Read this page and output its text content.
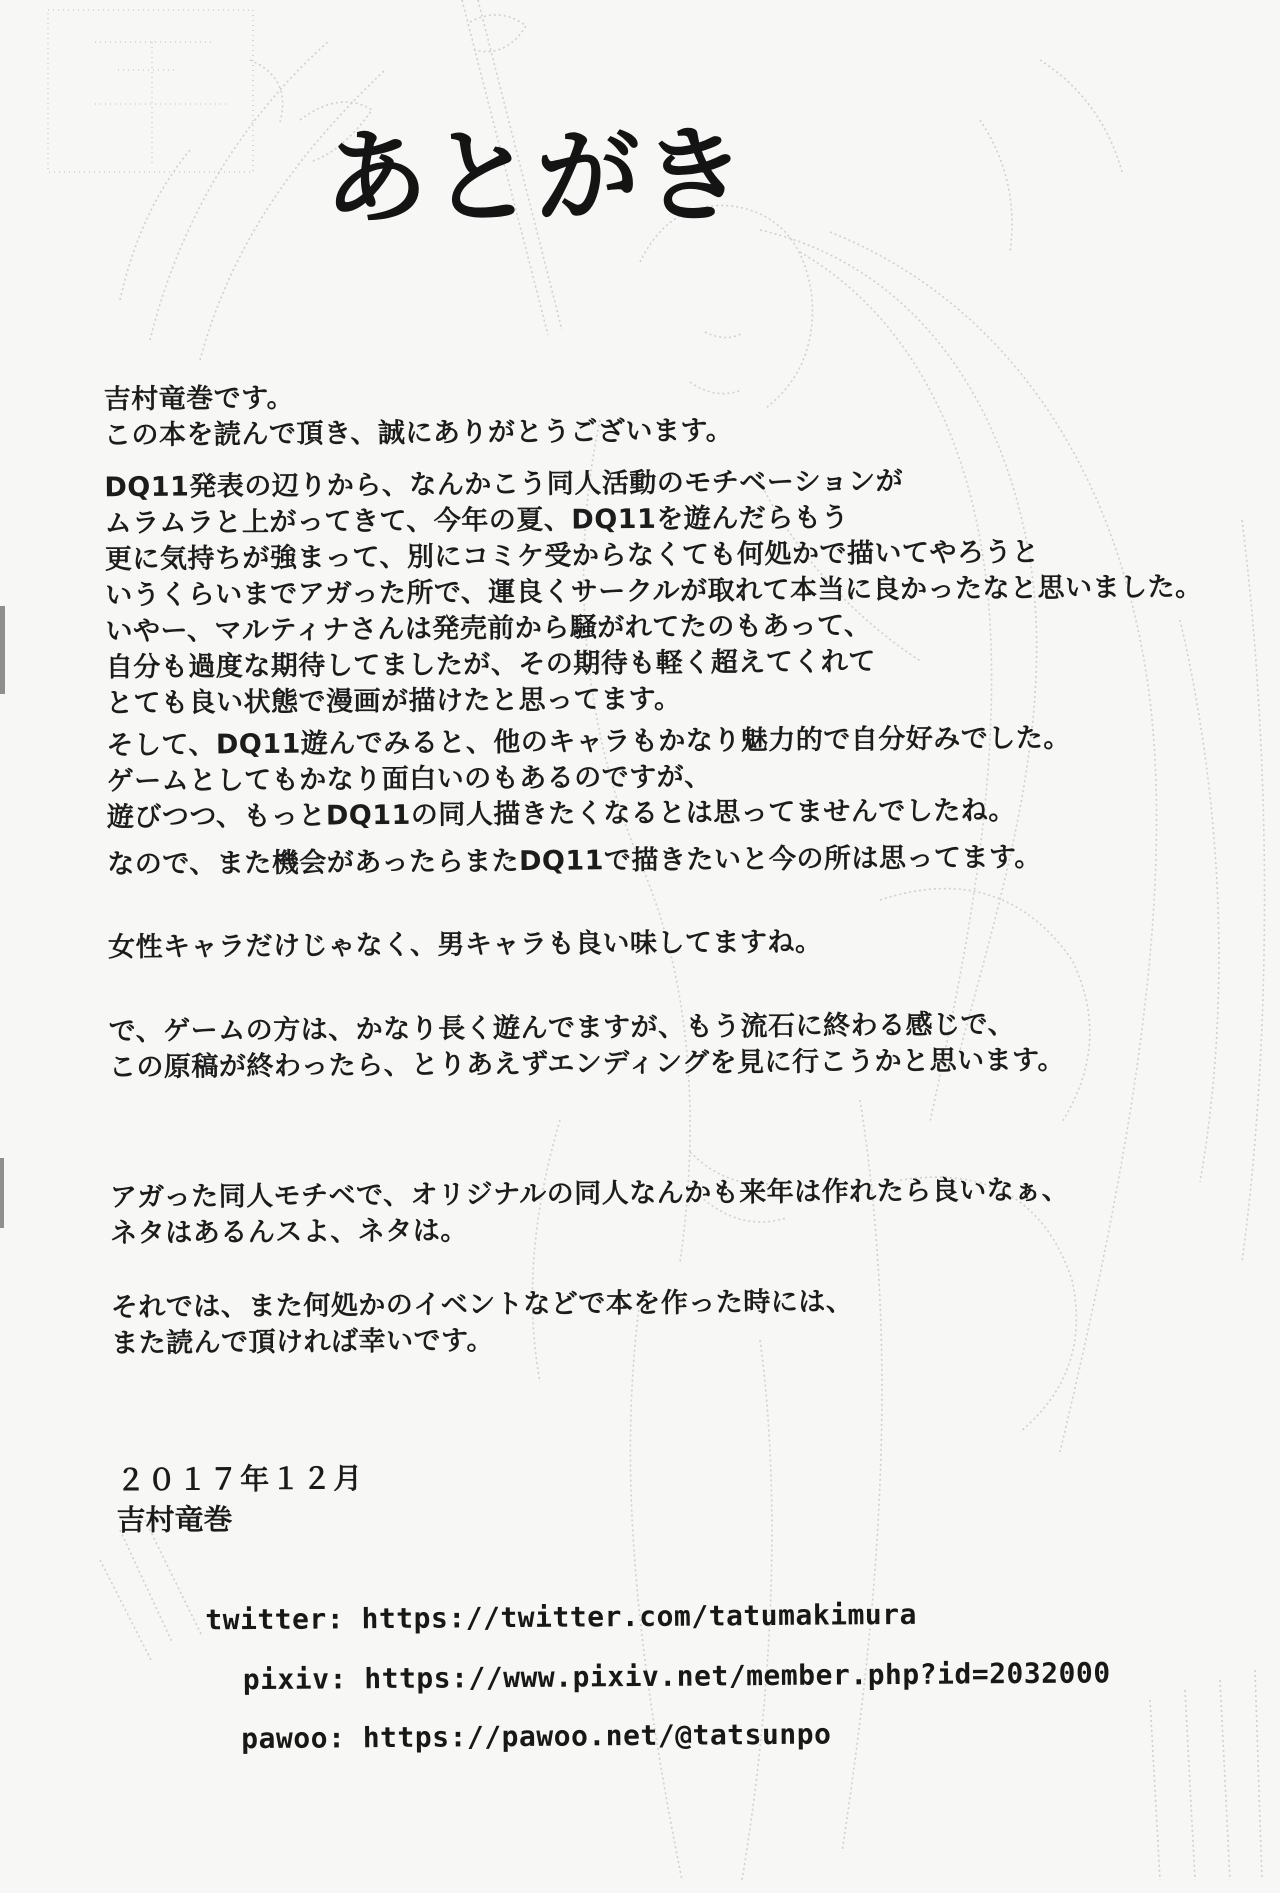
あとがき
吉村竜巻です。
この本を読んで頂き、誠にありがとうございます。
DQ11発表の辺りから、なんかこう同人活動のモチベーションが
ムラムラと上がってきて、今年の夏、DQ11を遊んだらもう
更に気持ちが強まって、別にコミケ受からなくても何処かで描いてやろうと
いうくらいまでアガった所で、運良くサークルが取れて本当に良かったなと思いました。
いやー、マルティナさんは発売前から騒がれてたのもあって、
自分も過度な期待してましたが、その期待も軽く超えてくれて
とても良い状態で漫画が描けたと思ってます。
そして、DQ11遊んでみると、他のキャラもかなり魅力的で自分好みでした。
ゲームとしてもかなり面白いのもあるのですが、
遊びつつ、もっとDQ11の同人描きたくなるとは思ってませんでしたね。
なので、また機会があったらまたDQ11で描きたいと今の所は思ってます。
女性キャラだけじゃなく、男キャラも良い味してますね。
で、ゲームの方は、かなり長く遊んでますが、もう流石に終わる感じで、
この原稿が終わったら、とりあえずエンディングを見に行こうかと思います。
アガった同人モチベで、オリジナルの同人なんかも来年は作れたら良いなぁ、
ネタはあるんスよ、ネタは。
それでは、また何処かのイベントなどで本を作った時には、
また読んで頂ければ幸いです。
２０１７年１２月
吉村竜巻
twitter: https://twitter.com/tatumakimura
pixiv: https://www.pixiv.net/member.php?id=2032000
pawoo: https://pawoo.net/@tatsunpo
